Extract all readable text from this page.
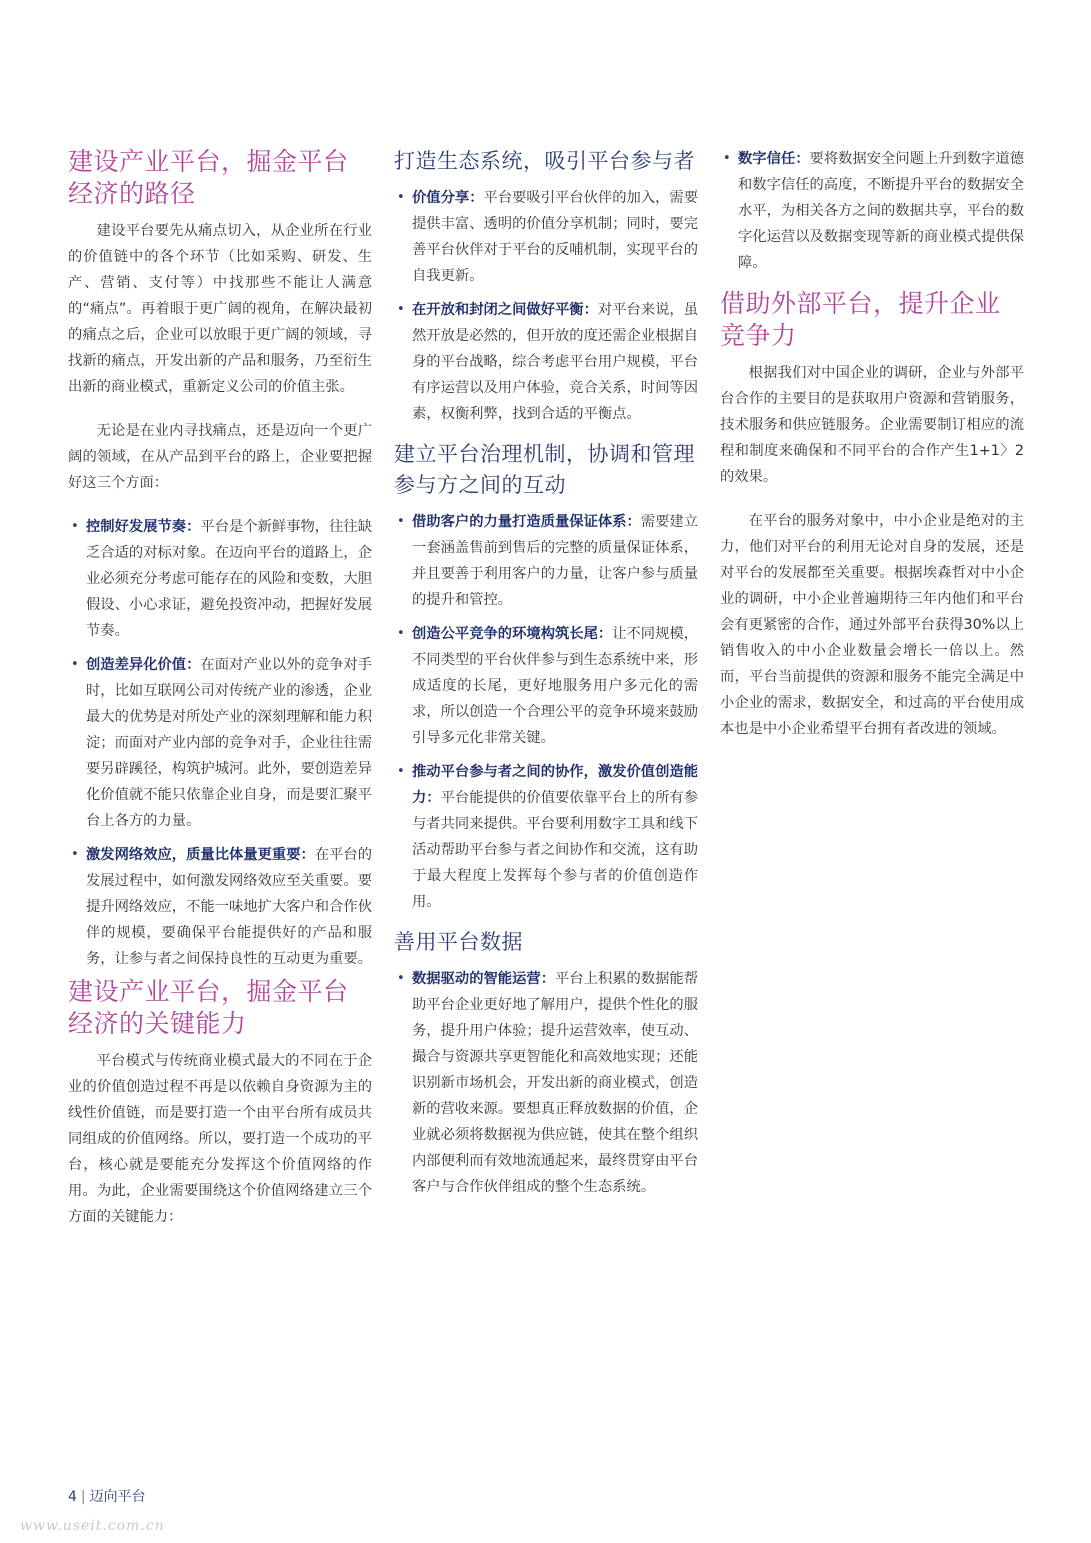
建设产业平台，掘金平台经济的路径

建设平台要先从痛点切入，从企业所在行业的价值链中的各个环节（比如采购、研发、生产、营销、支付等）中找那些不能让人满意的“痛点”。再着眼于更广阔的视角，在解决最初的痛点之后，企业可以放眼于更广阔的领域，寻找新的痛点，开发出新的产品和服务，乃至衍生出新的商业模式，重新定义公司的价值主张。

无论是在业内寻找痛点，还是迈向一个更广阔的领域，在从产品到平台的路上，企业要把握好这三个方面：

• 控制好发展节奏：平台是个新鲜事物，往往缺乏合适的对标对象。在迈向平台的道路上，企业必须充分考虑可能存在的风险和变数，大胆假设、小心求证，避免投资冲动，把握好发展节奏。
• 创造差异化价值：在面对产业以外的竞争对手时，比如互联网公司对传统产业的渗透，企业最大的优势是对所处产业的深刻理解和能力积淀；而面对产业内部的竞争对手，企业往往需要另辟蹊径，构筑护城河。此外，要创造差异化价值就不能只依靠企业自身，而是要汇聚平台上各方的力量。
• 激发网络效应，质量比体量更重要：在平台的发展过程中，如何激发网络效应至关重要。要提升网络效应，不能一味地扩大客户和合作伙伴的规模，要确保平台能提供好的产品和服务，让参与者之间保持良性的互动更为重要。
建设产业平台，掘金平台经济的关键能力

平台模式与传统商业模式最大的不同在于企业的价值创造过程不再是以依赖自身资源为主的线性价值链，而是要打造一个由平台所有成员共同组成的价值网络。所以，要打造一个成功的平台，核心就是要能充分发挥这个价值网络的作用。为此，企业需要围绕这个价值网络建立三个方面的关键能力：

打造生态系统，吸引平台参与者
• 价值分享：平台要吸引平台伙伴的加入，需要提供丰富、透明的价值分享机制；同时，要完善平台伙伴对于平台的反哺机制，实现平台的自我更新。
• 在开放和封闭之间做好平衡：对平台来说，虽然开放是必然的，但开放的度还需企业根据自身的平台战略，综合考虑平台用户规模，平台有序运营以及用户体验，竞合关系，时间等因素，权衡利弊，找到合适的平衡点。
建立平台治理机制，协调和管理参与方之间的互动
• 借助客户的力量打造质量保证体系：需要建立一套涵盖售前到售后的完整的质量保证体系，并且要善于利用客户的力量，让客户参与质量的提升和管控。
• 创造公平竞争的环境构筑长尾：让不同规模，不同类型的平台伙伴参与到生态系统中来，形成适度的长尾，更好地服务用户多元化的需求，所以创造一个合理公平的竞争环境来鼓励引导多元化非常关键。
• 推动平台参与者之间的协作，激发价值创造能力：平台能提供的价值要依靠平台上的所有参与者共同来提供。平台要利用数字工具和线下活动帮助平台参与者之间协作和交流，这有助于最大程度上发挥每个参与者的价值创造作用。
善用平台数据
• 数据驱动的智能运营：平台上积累的数据能帮助平台企业更好地了解用户，提供个性化的服务，提升用户体验；提升运营效率，使互动、撮合与资源共享更智能化和高效地实现；还能识别新市场机会，开发出新的商业模式，创造新的营收来源。要想真正释放数据的价值，企业就必须将数据视为供应链，使其在整个组织内部便利而有效地流通起来，最终贯穿由平台客户与合作伙伴组成的整个生态系统。
• 数字信任：要将数据安全问题上升到数字道德和数字信任的高度，不断提升平台的数据安全水平，为相关各方之间的数据共享，平台的数字化运营以及数据变现等新的商业模式提供保障。
借助外部平台，提升企业竞争力

根据我们对中国企业的调研，企业与外部平台合作的主要目的是获取用户资源和营销服务，技术服务和供应链服务。企业需要制订相应的流程和制度来确保和不同平台的合作产生1+1〉2的效果。

在平台的服务对象中，中小企业是绝对的主力，他们对平台的利用无论对自身的发展，还是对平台的发展都至关重要。根据埃森哲对中小企业的调研，中小企业普遍期待三年内他们和平台会有更紧密的合作，通过外部平台获得30%以上销售收入的中小企业数量会增长一倍以上。然而，平台当前提供的资源和服务不能完全满足中小企业的需求，数据安全，和过高的平台使用成本也是中小企业希望平台拥有者改进的领域。

4 | 迈向平台
www.useit.com.cn
